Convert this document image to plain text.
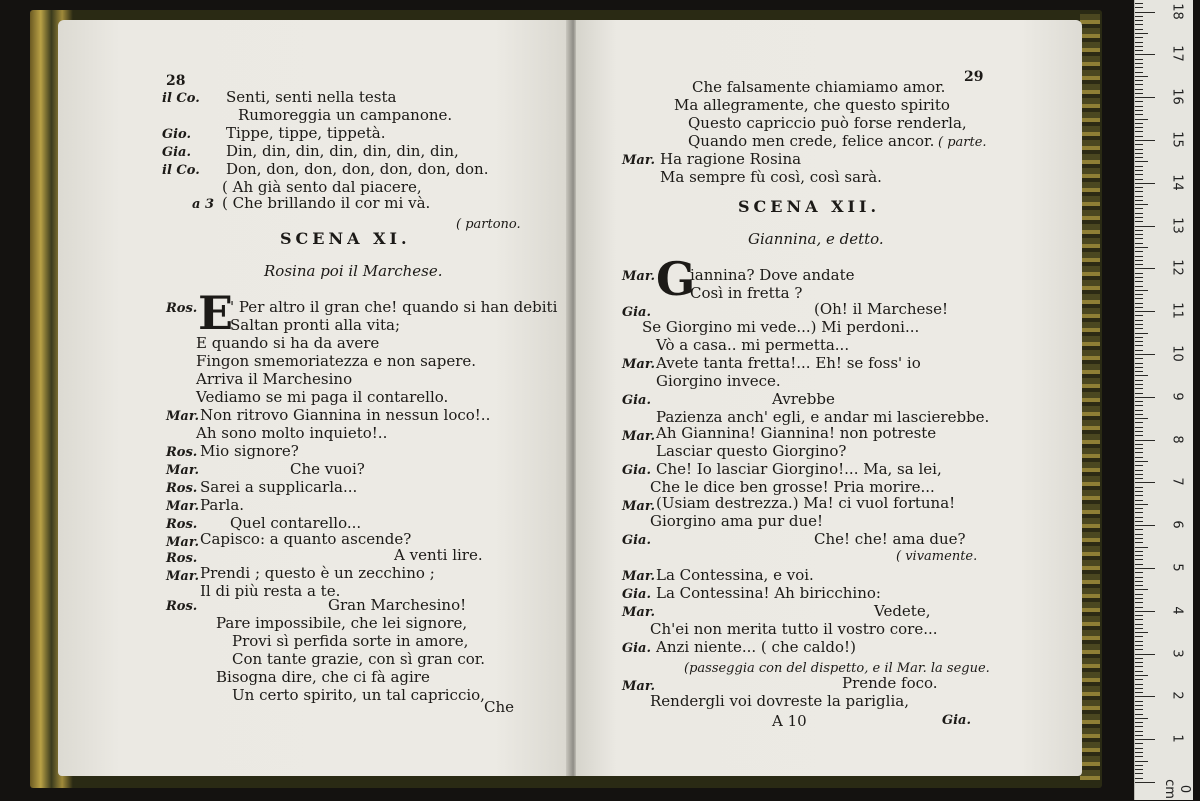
28
il Co. Senti, senti nella testa
Rumoreggia un campanone.
Gio. Tippe, tippe, tippetà.
Gia. Din, din, din, din, din, din, din,
il Co. Don, don, don, don, don, don, don.
( Ah già sento dal piacere,
a 3 ( Che brillando il cor mi và.
( partono.
SCENA XI.
Rosina poi il Marchese.
E
Ros. ' Per altro il gran che! quando si han debiti
Saltan pronti alla vita;
E quando si ha da avere
Fingon smemoriatezza e non sapere.
Arriva il Marchesino
Vediamo se mi paga il contarello.
Mar. Non ritrovo Giannina in nessun loco!..
Ah sono molto inquieto!..
Ros. Mio signore?
Mar.	Che vuoi?
Ros. Sarei a supplicarla...
Mar. Parla.
Ros. Quel contarello...
Mar. Capisco: a quanto ascende?
Ros.	A venti lire.
Mar. Prendi ; questo è un zecchino ;
Il di più resta a te.
Ros.	Gran Marchesino!
Pare impossibile, che lei signore,
Provi sì perfida sorte in amore,
Con tante grazie, con sì gran cor.
Bisogna dire, che ci fà agire
Un certo spirito, un tal capriccio,
Che
29
Che falsamente chiamiamo amor.
Ma allegramente, che questo spirito
Questo capriccio può forse renderla,
Quando men crede, felice ancor. ( parte.
Mar. Ha ragione Rosina
Ma sempre fù così, così sarà.
SCENA XII.
Giannina, e detto.
G
Mar. iannina? Dove andate
Così in fretta ?
Gia.	(Oh! il Marchese!
Se Giorgino mi vede...) Mi perdoni...
Vò a casa.. mi permetta...
Mar. Avete tanta fretta!... Eh! se foss' io
Giorgino invece.
Gia.	Avrebbe
Pazienza anch' egli, e andar mi lascierebbe.
Mar. Ah Giannina! Giannina! non potreste
Lasciar questo Giorgino?
Gia. Che! Io lasciar Giorgino!... Ma, sa lei,
Che le dice ben grosse! Pria morire...
Mar. (Usiam destrezza.) Ma! ci vuol fortuna!
Giorgino ama pur due!
Gia.	Che! che! ama due?
( vivamente.
Mar. La Contessina, e voi.
Gia. La Contessina! Ah biricchino:
Mar.	Vedete,
Ch'ei non merita tutto il vostro core...
Gia. Anzi niente... ( che caldo!)
(passeggia con del dispetto, e il Mar. la segue.
Mar.	Prende foco.
Rendergli voi dovreste la pariglia,
A 10	Gia.
0 cm
1
2
3
4
5
6
7
8
9
10
11
12
13
14
15
16
17
18
